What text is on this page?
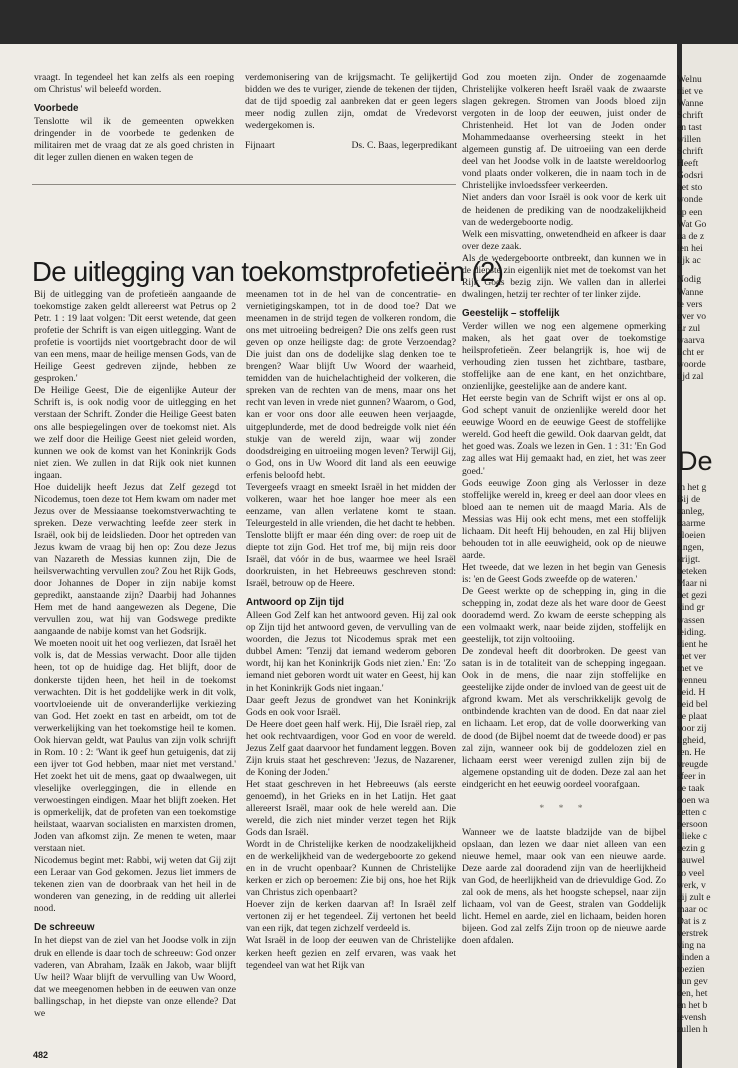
vraagt. In tegendeel het kan zelfs als een roeping om Christus' wil beleefd worden.

Voorbede

Tenslotte wil ik de gemeenten opwekken dringender in de voorbede te gedenken de militairen met de vraag dat ze als goed christen in dit leger zullen dienen en waken tegen de

verdemonisering van de krijgsmacht. Te gelijkertijd bidden we des te vuriger, ziende de tekenen der tijden, dat de tijd spoedig zal aanbreken dat er geen legers meer nodig zullen zijn, omdat de Vredevorst wedergekomen is.

Fijnaart	Ds. C. Baas, legerpredikant
De uitlegging van toekomstprofetieën (2)

Bij de uitlegging van de profetieën aangaande de toekomstige zaken geldt allereerst wat Petrus op 2 Petr. 1 : 19 laat volgen: 'Dit eerst wetende, dat geen profetie der Schrift is van eigen uitlegging. Want de profetie is voortijds niet voortgebracht door de wil van een mens, maar de heilige mensen Gods, van de Heilige Geest gedreven zijnde, hebben ze gesproken.'

De Heilige Geest, Die de eigenlijke Auteur der Schrift is, is ook nodig voor de uitlegging en het verstaan der Schrift. Zonder die Heilige Geest baten ons alle bespiegelingen over de toekomst niet. Als we zelf door die Heilige Geest niet geleid worden, kunnen we ook de komst van het Koninkrijk Gods niet zien. We zullen in dat Rijk ook niet kunnen ingaan.

Hoe duidelijk heeft Jezus dat Zelf gezegd tot Nicodemus, toen deze tot Hem kwam om nader met Jezus over de Messiaanse toekomstverwachting te spreken. Deze verwachting leefde zeer sterk in Israël, ook bij de leidslieden. Door het optreden van Jezus kwam de vraag bij hen op: Zou deze Jezus van Nazareth de Messias kunnen zijn, Die de heilsverwachting vervullen zou? Zou het Rijk Gods, door Johannes de Doper in zijn nabije komst gepredikt, aanstaande zijn? Daarbij had Johannes Hem met de hand aangewezen als Degene, Die vervullen zou, wat hij van Godswege predikte aangaande de nabije komst van het Godsrijk.

We moeten nooit uit het oog verliezen, dat Israël het volk is, dat de Messias verwacht. Door alle tijden heen, tot op de huidige dag. Het blijft, door de donkerste tijden heen, het heil in de toekomst verwachten. Dit is het goddelijke werk in dit volk, voortvloeiende uit de onveranderlijke verkiezing van God. Het zoekt en tast en arbeidt, om tot de verwerkelijking van het toekomstige heil te komen. Ook hiervan geldt, wat Paulus van zijn volk schrijft in Rom. 10 : 2: 'Want ik geef hun getuigenis, dat zij een ijver tot God hebben, maar niet met verstand.' Het zoekt het uit de mens, gaat op dwaalwegen, uit vleselijke overleggingen, die in ellende en verwoestingen eindigen. Maar het blijft zoeken. Het is opmerkelijk, dat de profeten van een toekomstige heilstaat, waarvan socialisten en marxisten dromen, Joden van afkomst zijn. Ze menen te weten, maar verstaan niet.

Nicodemus begint met: Rabbi, wij weten dat Gij zijt een Leraar van God gekomen. Jezus liet immers de tekenen zien van de doorbraak van het heil in de wonderen van genezing, in de redding uit allerlei nood.

De schreeuw

In het diepst van de ziel van het Joodse volk in zijn druk en ellende is daar toch de schreeuw: God onzer vaderen, van Abraham, Izaäk en Jakob, waar blijft Uw heil? Waar blijft de vervulling van Uw Woord, dat we meegenomen hebben in de eeuwen van onze ballingschap, in het diepste van onze ellende? Dat we

meenamen tot in de hel van de concentratie- en vernietigingskampen, tot in de dood toe? Dat we meenamen in de strijd tegen de volkeren rondom, die ons met uitroeiing bedreigen? Die ons zelfs geen rust geven op onze heiligste dag: de grote Verzoendag? Die juist dan ons de dodelijke slag denken toe te brengen? Waar blijft Uw Woord der waarheid, temidden van de huichelachtigheid der volkeren, die spreken van de rechten van de mens, maar ons het recht van leven in vrede niet gunnen? Waarom, o God, kan er voor ons door alle eeuwen heen verjaagde, uitgeplunderde, met de dood bedreigde volk niet één stukje van de wereld zijn, waar wij zonder doodsdreiging en uitroeiing mogen leven? Terwijl Gij, o God, ons in Uw Woord dit land als een eeuwige erfenis beloofd hebt.

Tevergeefs vraagt en smeekt Israël in het midden der volkeren, waar het hoe langer hoe meer als een eenzame, van allen verlatene komt te staan. Teleurgesteld in alle vrienden, die het dacht te hebben.

Tenslotte blijft er maar één ding over: de roep uit de diepte tot zijn God. Het trof me, bij mijn reis door Israël, dat vóór in de bus, waarmee we heel Israël doorkruisten, in het Hebreeuws geschreven stond: Israël, betrouw op de Heere.

Antwoord op Zijn tijd

Alleen God Zelf kan het antwoord geven. Hij zal ook op Zijn tijd het antwoord geven, de vervulling van de woorden, die Jezus tot Nicodemus sprak met een dubbel Amen: 'Tenzij dat iemand wederom geboren wordt, hij kan het Koninkrijk Gods niet zien.' En: 'Zo iemand niet geboren wordt uit water en Geest, hij kan in het Koninkrijk Gods niet ingaan.'

Daar geeft Jezus de grondwet van het Koninkrijk Gods en ook voor Israël.

De Heere doet geen half werk. Hij, Die Israël riep, zal het ook rechtvaardigen, voor God en voor de wereld. Jezus Zelf gaat daarvoor het fundament leggen. Boven Zijn kruis staat het geschreven: 'Jezus, de Nazarener, de Koning der Joden.'

Het staat geschreven in het Hebreeuws (als eerste genoemd), in het Grieks en in het Latijn. Het gaat allereerst Israël, maar ook de hele wereld aan. Die wereld, die zich niet minder verzet tegen het Rijk Gods dan Israël.

Wordt in de Christelijke kerken de noodzakelijkheid en de werkelijkheid van de wedergeboorte zo gekend en in de vrucht openbaar? Kunnen de Christelijke kerken er zich op beroemen: Zie bij ons, hoe het Rijk van Christus zich openbaart?

Hoever zijn de kerken daarvan af! In Israël zelf vertonen zij er het tegendeel. Zij vertonen het beeld van een rijk, dat tegen zichzelf verdeeld is.

Wat Israël in de loop der eeuwen van de Christelijke kerken heeft gezien en zelf ervaren, was vaak het tegendeel van wat het Rijk van

God zou moeten zijn. Onder de zogenaamde Christelijke volkeren heeft Israël vaak de zwaarste slagen gekregen. Stromen van Joods bloed zijn vergoten in de loop der eeuwen, juist onder de Christenheid. Het lot van de Joden onder Mohammedaanse overheersing steekt in het algemeen gunstig af. De uitroeiing van een derde deel van het Joodse volk in de laatste wereldoorlog vond plaats onder volkeren, die in naam toch in de Christelijke invloedssfeer verkeerden.

Niet anders dan voor Israël is ook voor de kerk uit de heidenen de prediking van de noodzakelijkheid van de wedergeboorte nodig.

Welk een misvatting, onwetendheid en afkeer is daar over deze zaak.

Als de wedergeboorte ontbreekt, dan kunnen we in de diepste zin eigenlijk niet met de toekomst van het Rijk Gods bezig zijn. We vallen dan in allerlei dwalingen, hetzij ter rechter of ter linker zijde.

Geestelijk – stoffelijk

Verder willen we nog een algemene opmerking maken, als het gaat over de toekomstige heilsprofetieën. Zeer belangrijk is, hoe wij de verhouding zien tussen het zichtbare, tastbare, stoffelijke aan de ene kant, en het onzichtbare, onzienlijke, geestelijke aan de andere kant.

Het eerste begin van de Schrift wijst er ons al op. God schept vanuit de onzienlijke wereld door het eeuwige Woord en de eeuwige Geest de stoffelijke wereld. God heeft die gewild. Ook daarvan geldt, dat het goed was. Zoals we lezen in Gen. 1 : 31: 'En God zag alles wat Hij gemaakt had, en ziet, het was zeer goed.'

Gods eeuwige Zoon ging als Verlosser in deze stoffelijke wereld in, kreeg er deel aan door vlees en bloed aan te nemen uit de maagd Maria. Als de Messias was Hij ook echt mens, met een stoffelijk lichaam. Dit heeft Hij behouden, en zal Hij blijven behouden tot in alle eeuwigheid, ook op de nieuwe aarde.

Het tweede, dat we lezen in het begin van Genesis is: 'en de Geest Gods zweefde op de wateren.'

De Geest werkte op de schepping in, ging in die schepping in, zodat deze als het ware door de Geest doorademd werd. Zo kwam de eerste schepping als een volmaakt werk, naar beide zijden, stoffelijk en geestelijk, tot zijn voltooiing.

De zondeval heeft dit doorbroken. De geest van satan is in de totaliteit van de schepping ingegaan. Ook in de mens, die naar zijn stoffelijke en geestelijke zijde onder de invloed van de geest uit de afgrond kwam. Met als verschrikkelijk gevolg de ontbindende krachten van de dood. En dat naar ziel en lichaam. Let erop, dat de volle doorwerking van de dood (de Bijbel noemt dat de tweede dood) er pas zal zijn, wanneer ook bij de goddelozen ziel en lichaam eerst weer verenigd zullen zijn bij de algemene opstanding uit de doden. Deze zal aan het eindgericht en het eeuwig oordeel voorafgaan.

* * *

Wanneer we de laatste bladzijde van de bijbel opslaan, dan lezen we daar niet alleen van een nieuwe hemel, maar ook van een nieuwe aarde. Deze aarde zal dooradend zijn van de heerlijkheid van God, de heerlijkheid van de drievuldige God. Zo zal ook de mens, als het hoogste schepsel, naar zijn lichaam, vol van de Geest, stralen van Goddelijk licht. Hemel en aarde, ziel en lichaam, beiden horen bijeen. God zal zelfs Zijn troon op de nieuwe aarde doen afdalen.

482
Welnu
niet ve
Wanne
Schrift
en tast
willen
Schrift
Heeft
Godsri
het sto
wonde
op een
Wat Go
na de z
len hei
lijk ac
Nodig
Wanne
te vers
over vo
Er zul
waarva
licht er
woorde
tijd zal
De
In het g
Bij de
aanleg,
daarme
ploeien
ringen,
krijgt.
beteken
Maar ni
het gezi
kind gr
wassen
leiding.
dient he
met ver
met ve
wenneu
heid. H
heid bel
de plaat
voor zij
ligheid,
ren. He
vreugde
sfeer in
de taak
doen wa
zetten c
persoon
blieke c
gezin g
nauwel
zo veel
werk, v
gij zult e
maar oc
Dat is z
verstrek
ving na
vinden a
toezien
hun gev
den, het
en het b
levensh
zullen h
